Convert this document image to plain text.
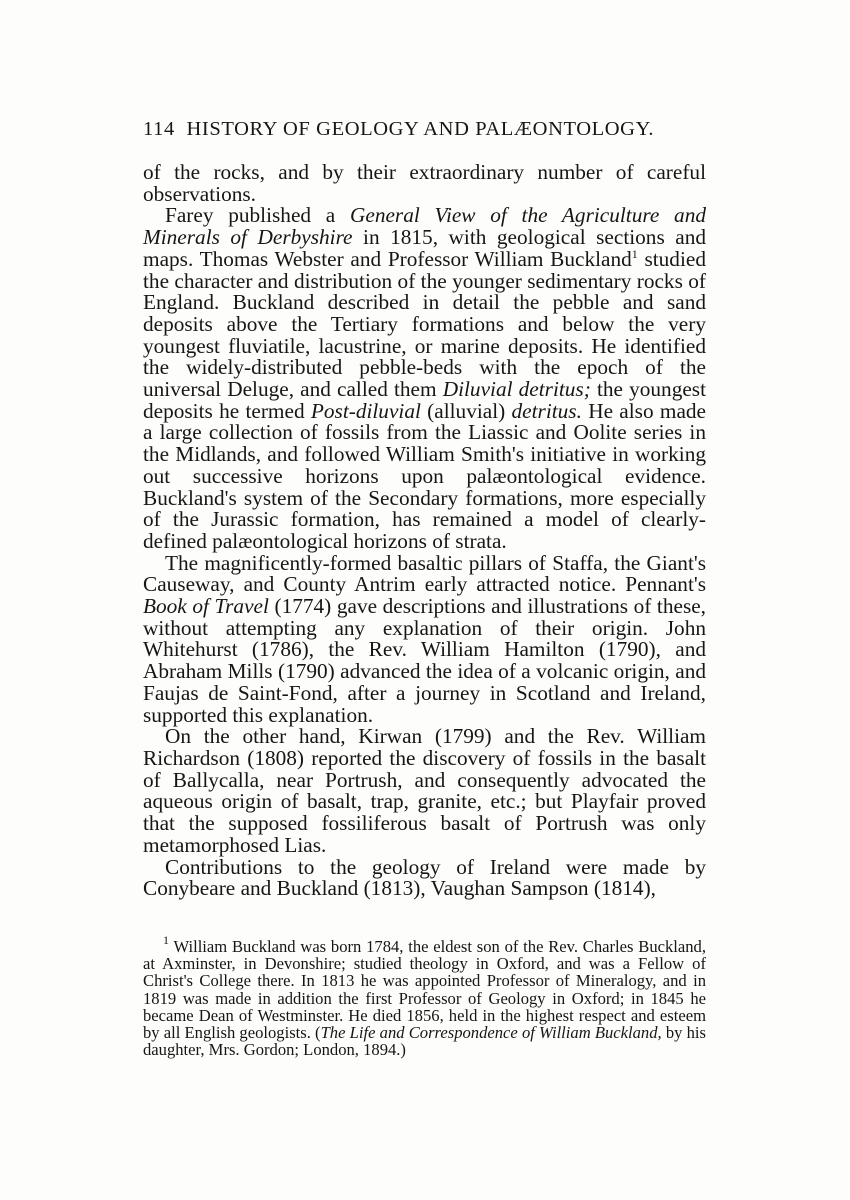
114 HISTORY OF GEOLOGY AND PALÆONTOLOGY.

of the rocks, and by their extraordinary number of careful observations.

Farey published a General View of the Agriculture and Minerals of Derbyshire in 1815, with geological sections and maps. Thomas Webster and Professor William Buckland$^1$ studied the character and distribution of the younger sedimentary rocks of England. Buckland described in detail the pebble and sand deposits above the Tertiary formations and below the very youngest fluviatile, lacustrine, or marine deposits. He identified the widely-distributed pebble-beds with the epoch of the universal Deluge, and called them Diluvial detritus; the youngest deposits he termed Post-diluvial (alluvial) detritus. He also made a large collection of fossils from the Liassic and Oolite series in the Midlands, and followed William Smith's initiative in working out successive horizons upon palæontological evidence. Buckland's system of the Secondary formations, more especially of the Jurassic formation, has remained a model of clearly-defined palæontological horizons of strata.

The magnificently-formed basaltic pillars of Staffa, the Giant's Causeway, and County Antrim early attracted notice. Pennant's Book of Travel (1774) gave descriptions and illustrations of these, without attempting any explanation of their origin. John Whitehurst (1786), the Rev. William Hamilton (1790), and Abraham Mills (1790) advanced the idea of a volcanic origin, and Faujas de Saint-Fond, after a journey in Scotland and Ireland, supported this explanation.

On the other hand, Kirwan (1799) and the Rev. William Richardson (1808) reported the discovery of fossils in the basalt of Ballycalla, near Portrush, and consequently advocated the aqueous origin of basalt, trap, granite, etc.; but Playfair proved that the supposed fossiliferous basalt of Portrush was only metamorphosed Lias.

Contributions to the geology of Ireland were made by Conybeare and Buckland (1813), Vaughan Sampson (1814),

$^1$ William Buckland was born 1784, the eldest son of the Rev. Charles Buckland, at Axminster, in Devonshire; studied theology in Oxford, and was a Fellow of Christ's College there. In 1813 he was appointed Professor of Mineralogy, and in 1819 was made in addition the first Professor of Geology in Oxford; in 1845 he became Dean of Westminster. He died 1856, held in the highest respect and esteem by all English geologists. (The Life and Correspondence of William Buckland, by his daughter, Mrs. Gordon; London, 1894.)
